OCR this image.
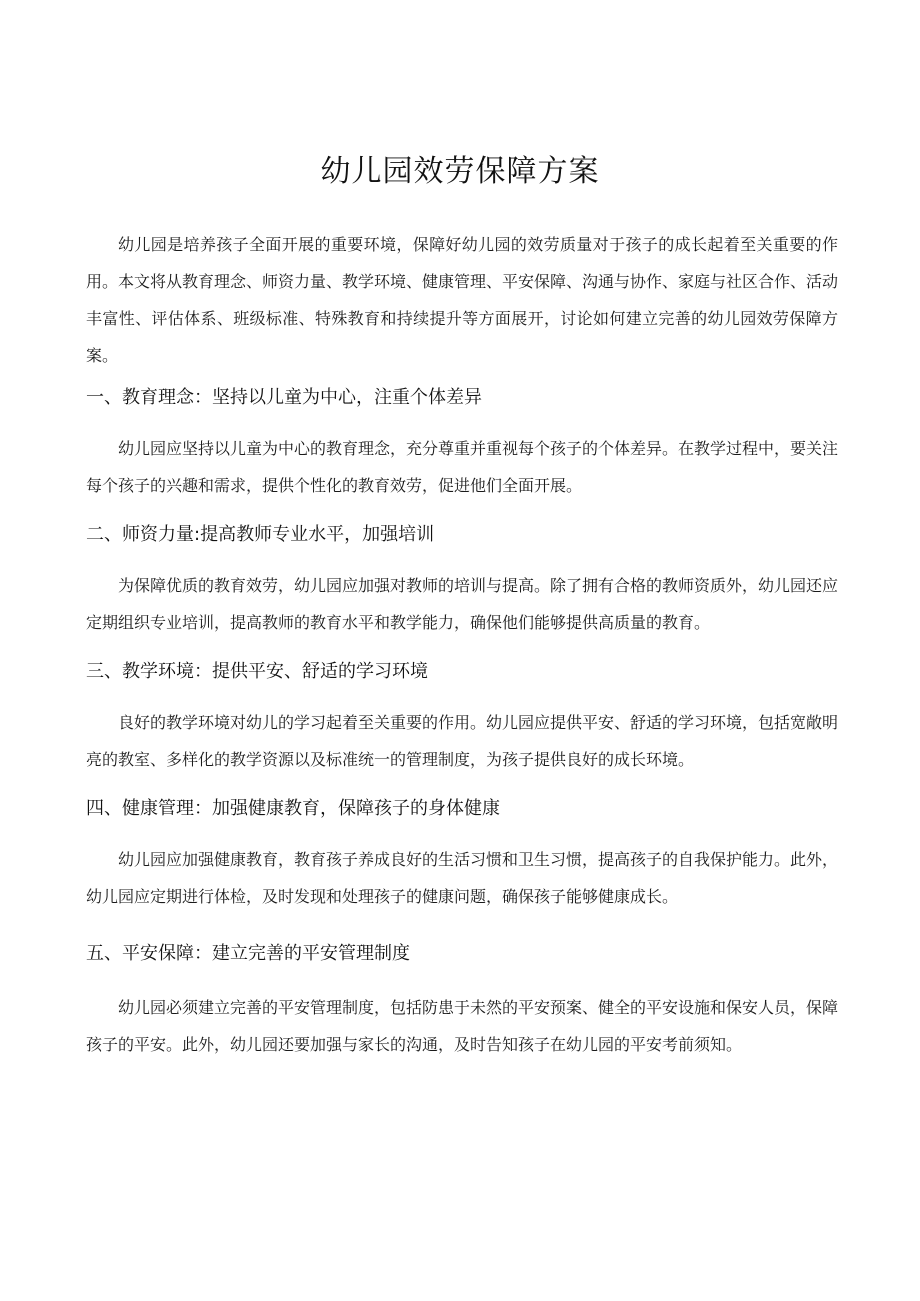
幼儿园效劳保障方案

幼儿园是培养孩子全面开展的重要环境，保障好幼儿园的效劳质量对于孩子的成长起着至关重要的作用。本文将从教育理念、师资力量、教学环境、健康管理、平安保障、沟通与协作、家庭与社区合作、活动丰富性、评估体系、班级标准、特殊教育和持续提升等方面展开，讨论如何建立完善的幼儿园效劳保障方案。

一、教育理念：坚持以儿童为中心，注重个体差异

幼儿园应坚持以儿童为中心的教育理念，充分尊重并重视每个孩子的个体差异。在教学过程中，要关注每个孩子的兴趣和需求，提供个性化的教育效劳，促进他们全面开展。

二、师资力量:提高教师专业水平，加强培训

为保障优质的教育效劳，幼儿园应加强对教师的培训与提高。除了拥有合格的教师资质外，幼儿园还应定期组织专业培训，提高教师的教育水平和教学能力，确保他们能够提供高质量的教育。

三、教学环境：提供平安、舒适的学习环境

良好的教学环境对幼儿的学习起着至关重要的作用。幼儿园应提供平安、舒适的学习环境，包括宽敞明亮的教室、多样化的教学资源以及标准统一的管理制度，为孩子提供良好的成长环境。

四、健康管理：加强健康教育，保障孩子的身体健康

幼儿园应加强健康教育，教育孩子养成良好的生活习惯和卫生习惯，提高孩子的自我保护能力。此外，幼儿园应定期进行体检，及时发现和处理孩子的健康问题，确保孩子能够健康成长。

五、平安保障：建立完善的平安管理制度

幼儿园必须建立完善的平安管理制度，包括防患于未然的平安预案、健全的平安设施和保安人员，保障孩子的平安。此外，幼儿园还要加强与家长的沟通，及时告知孩子在幼儿园的平安考前须知。
